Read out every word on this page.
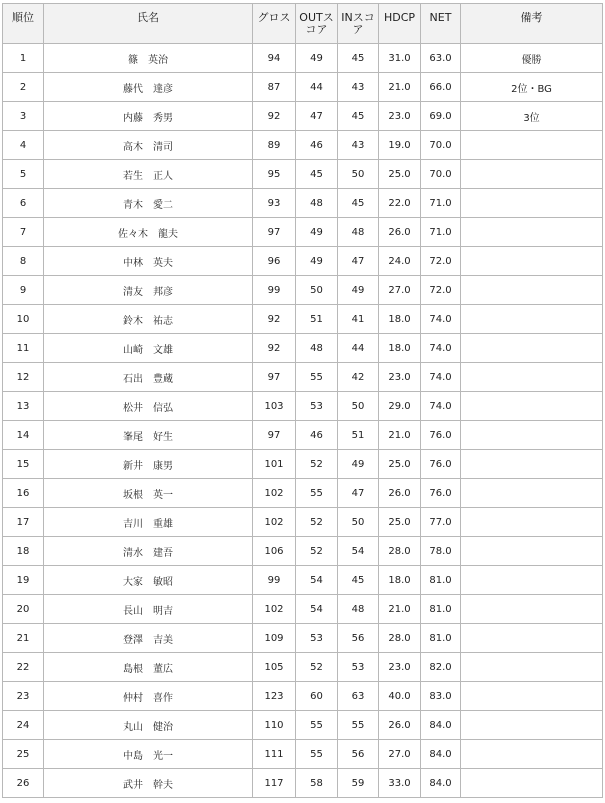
順位	氏名	グロス	OUTスコア	INスコア	HDCP	NET	備考
1	篠　英治	94	49	45	31.0	63.0	優勝
2	藤代　達彦	87	44	43	21.0	66.0	2位・BG
3	内藤　秀男	92	47	45	23.0	69.0	3位
4	高木　清司	89	46	43	19.0	70.0	
5	若生　正人	95	45	50	25.0	70.0	
6	青木　愛二	93	48	45	22.0	71.0	
7	佐々木　龍夫	97	49	48	26.0	71.0	
8	中林　英夫	96	49	47	24.0	72.0	
9	清友　邦彦	99	50	49	27.0	72.0	
10	鈴木　祐志	92	51	41	18.0	74.0	
11	山崎　文雄	92	48	44	18.0	74.0	
12	石出　豊蔵	97	55	42	23.0	74.0	
13	松井　信弘	103	53	50	29.0	74.0	
14	峯尾　好生	97	46	51	21.0	76.0	
15	新井　康男	101	52	49	25.0	76.0	
16	坂根　英一	102	55	47	26.0	76.0	
17	吉川　重雄	102	52	50	25.0	77.0	
18	清水　建吾	106	52	54	28.0	78.0	
19	大家　敏昭	99	54	45	18.0	81.0	
20	長山　明吉	102	54	48	21.0	81.0	
21	登澤　吉美	109	53	56	28.0	81.0	
22	島根　董広	105	52	53	23.0	82.0	
23	仲村　喜作	123	60	63	40.0	83.0	
24	丸山　健治	110	55	55	26.0	84.0	
25	中島　光一	111	55	56	27.0	84.0	
26	武井　幹夫	117	58	59	33.0	84.0	
